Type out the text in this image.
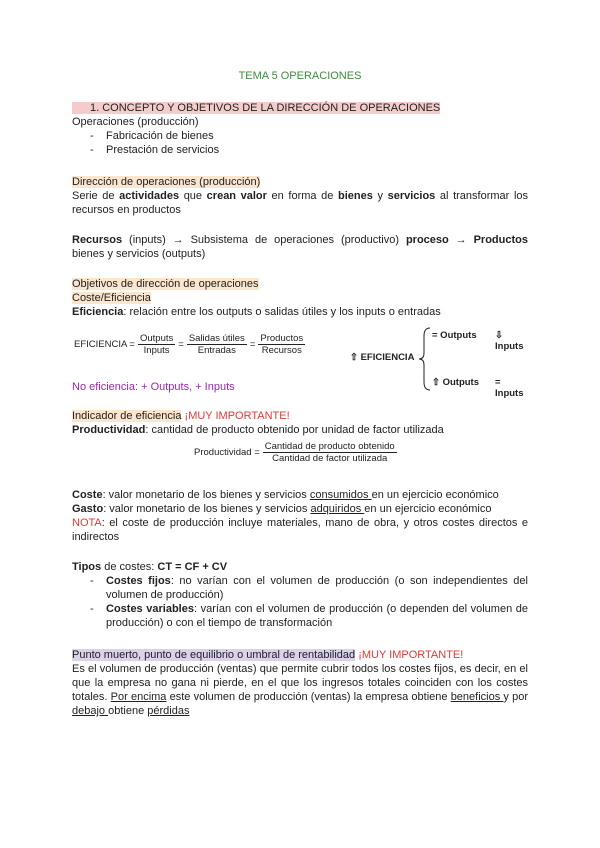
TEMA 5 OPERACIONES
1. CONCEPTO Y OBJETIVOS DE LA DIRECCIÓN DE OPERACIONES
Operaciones (producción)
- Fabricación de bienes
- Prestación de servicios
Dirección de operaciones (producción)
Serie de actividades que crean valor en forma de bienes y servicios al transformar los recursos en productos
Recursos (inputs) → Subsistema de operaciones (productivo) proceso → Productos bienes y servicios (outputs)
Objetivos de dirección de operaciones
Coste/Eficiencia
Eficiencia: relación entre los outputs o salidas útiles y los inputs o entradas
EFICIENCIA = $\frac{\text{Outputs}}{\text{Inputs}} = \frac{\text{Salidas útiles}}{\text{Entradas}} = \frac{\text{Productos}}{\text{Recursos}}$
⇧ EFICIENCIA
= Outputs ⇩ Inputs
⇧ Outputs = Inputs
No eficiencia: + Outputs, + Inputs
Indicador de eficiencia ¡MUY IMPORTANTE!
Productividad: cantidad de producto obtenido por unidad de factor utilizada
Productividad = $\frac{\text{Cantidad de producto obtenido}}{\text{Cantidad de factor utilizada}}$
Coste: valor monetario de los bienes y servicios consumidos en un ejercicio económico
Gasto: valor monetario de los bienes y servicios adquiridos en un ejercicio económico
NOTA: el coste de producción incluye materiales, mano de obra, y otros costes directos e indirectos
Tipos de costes: CT = CF + CV
- Costes fijos: no varían con el volumen de producción (o son independientes del volumen de producción)
- Costes variables: varían con el volumen de producción (o dependen del volumen de producción) o con el tiempo de transformación
Punto muerto, punto de equilibrio o umbral de rentabilidad ¡MUY IMPORTANTE!
Es el volumen de producción (ventas) que permite cubrir todos los costes fijos, es decir, en el que la empresa no gana ni pierde, en el que los ingresos totales coinciden con los costes totales. Por encima este volumen de producción (ventas) la empresa obtiene beneficios y por debajo obtiene pérdidas
